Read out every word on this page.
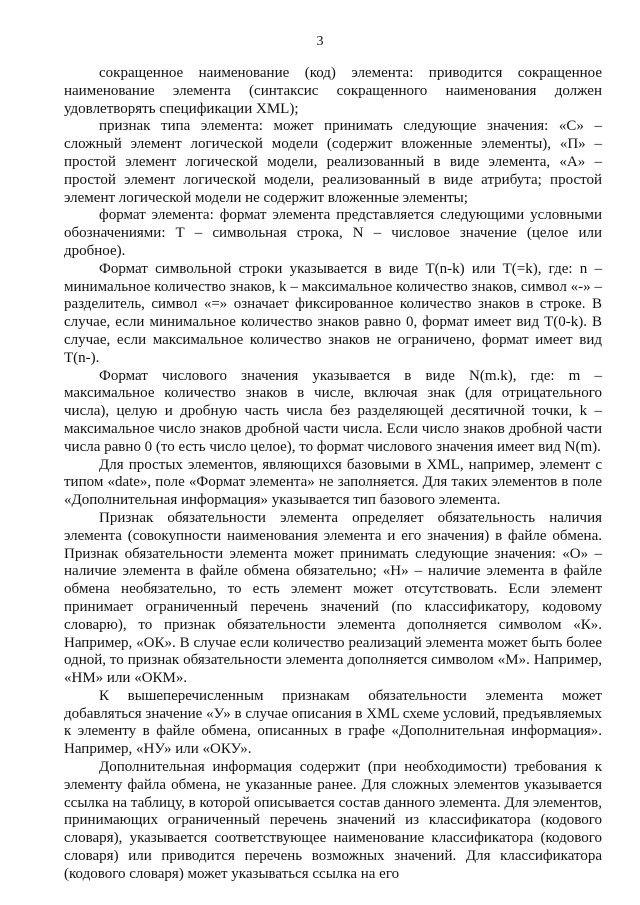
3

сокращенное наименование (код) элемента: приводится сокращенное наименование элемента (синтаксис сокращенного наименования должен удовлетворять спецификации XML);

признак типа элемента: может принимать следующие значения: «С» – сложный элемент логической модели (содержит вложенные элементы), «П» – простой элемент логической модели, реализованный в виде элемента, «А» – простой элемент логической модели, реализованный в виде атрибута; простой элемент логической модели не содержит вложенные элементы;

формат элемента: формат элемента представляется следующими условными обозначениями: Т – символьная строка, N – числовое значение (целое или дробное).

Формат символьной строки указывается в виде Т(n-k) или Т(=k), где: n – минимальное количество знаков, k – максимальное количество знаков, символ «-» – разделитель, символ «=» означает фиксированное количество знаков в строке. В случае, если минимальное количество знаков равно 0, формат имеет вид Т(0-k). В случае, если максимальное количество знаков не ограничено, формат имеет вид Т(n-).

Формат числового значения указывается в виде N(m.k), где: m – максимальное количество знаков в числе, включая знак (для отрицательного числа), целую и дробную часть числа без разделяющей десятичной точки, k – максимальное число знаков дробной части числа. Если число знаков дробной части числа равно 0 (то есть число целое), то формат числового значения имеет вид N(m).

Для простых элементов, являющихся базовыми в XML, например, элемент с типом «date», поле «Формат элемента» не заполняется. Для таких элементов в поле «Дополнительная информация» указывается тип базового элемента.

Признак обязательности элемента определяет обязательность наличия элемента (совокупности наименования элемента и его значения) в файле обмена. Признак обязательности элемента может принимать следующие значения: «О» – наличие элемента в файле обмена обязательно; «Н» – наличие элемента в файле обмена необязательно, то есть элемент может отсутствовать. Если элемент принимает ограниченный перечень значений (по классификатору, кодовому словарю), то признак обязательности элемента дополняется символом «К». Например, «ОК». В случае если количество реализаций элемента может быть более одной, то признак обязательности элемента дополняется символом «М». Например, «НМ» или «ОКМ».

К вышеперечисленным признакам обязательности элемента может добавляться значение «У» в случае описания в XML схеме условий, предъявляемых к элементу в файле обмена, описанных в графе «Дополнительная информация». Например, «НУ» или «ОКУ».

Дополнительная информация содержит (при необходимости) требования к элементу файла обмена, не указанные ранее. Для сложных элементов указывается ссылка на таблицу, в которой описывается состав данного элемента. Для элементов, принимающих ограниченный перечень значений из классификатора (кодового словаря), указывается соответствующее наименование классификатора (кодового словаря) или приводится перечень возможных значений. Для классификатора (кодового словаря) может указываться ссылка на его
